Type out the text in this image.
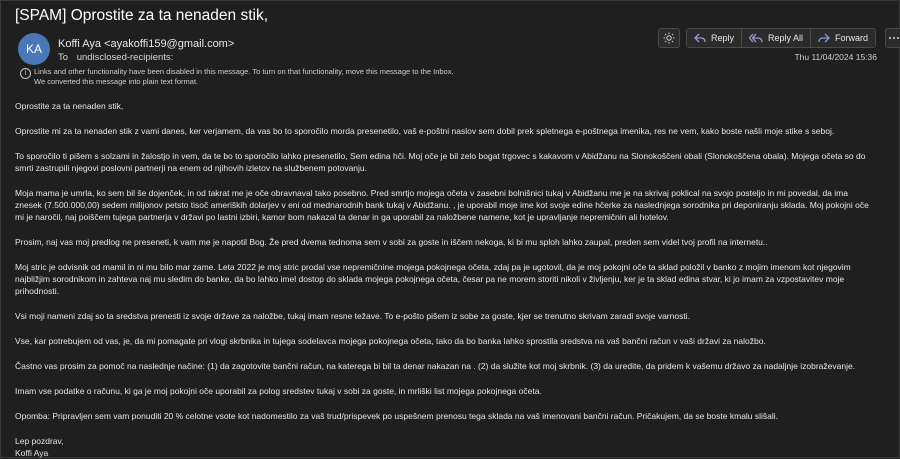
[SPAM] Oprostite za ta nenaden stik,
KA	Koffi Aya <ayakoffi159@gmail.com>
To undisclosed-recipients:
Reply	Reply All	Forward
Thu 11/04/2024 15:36
i	Links and other functionality have been disabled in this message. To turn on that functionality, move this message to the Inbox.
We converted this message into plain text format.

Oprostite za ta nenaden stik,

Oprostite mi za ta nenaden stik z vami danes, ker verjamem, da vas bo to sporočilo morda presenetilo, vaš e-poštni naslov sem dobil prek spletnega e-poštnega imenika, res ne vem, kako boste našli moje stike s seboj.

To sporočilo ti pišem s solzami in žalostjo in vem, da te bo to sporočilo lahko presenetilo, Sem edina hči. Moj oče je bil zelo bogat trgovec s kakavom v Abidžanu na Slonokoščeni obali (Slonokoščena obala). Mojega očeta so do smrti zastrupili njegovi poslovni partnerji na enem od njihovih izletov na službenem potovanju.

Moja mama je umrla, ko sem bil še dojenček, in od takrat me je oče obravnaval tako posebno. Pred smrtjo mojega očeta v zasebni bolnišnici tukaj v Abidžanu me je na skrivaj poklical na svojo posteljo in mi povedal, da ima znesek (7.500.000,00) sedem milijonov petsto tisoč ameriških dolarjev v eni od mednarodnih bank tukaj v Abidžanu. , je uporabil moje ime kot svoje edine hčerke za naslednjega sorodnika pri deponiranju sklada. Moj pokojni oče mi je naročil, naj poiščem tujega partnerja v državi po lastni izbiri, kamor bom nakazal ta denar in ga uporabil za naložbene namene, kot je upravljanje nepremičnin ali hotelov.

Prosim, naj vas moj predlog ne preseneti, k vam me je napotil Bog. Že pred dvema tednoma sem v sobi za goste in iščem nekoga, ki bi mu sploh lahko zaupal, preden sem videl tvoj profil na internetu..

Moj stric je odvisnik od mamil in ni mu bilo mar zame. Leta 2022 je moj stric prodal vse nepremičnine mojega pokojnega očeta, zdaj pa je ugotovil, da je moj pokojni oče ta sklad položil v banko z mojim imenom kot njegovim najbližjim sorodnikom in zahteva naj mu sledim do banke, da bo lahko imel dostop do sklada mojega pokojnega očeta, česar pa ne morem storiti nikoli v življenju, ker je ta sklad edina stvar, ki jo imam za vzpostavitev moje prihodnosti.

Vsi moji nameni zdaj so ta sredstva prenesti iz svoje države za naložbe, tukaj imam resne težave. To e-pošto pišem iz sobe za goste, kjer se trenutno skrivam zaradi svoje varnosti.

Vse, kar potrebujem od vas, je, da mi pomagate pri vlogi skrbnika in tujega sodelavca mojega pokojnega očeta, tako da bo banka lahko sprostila sredstva na vaš bančni račun v vaši državi za naložbo.

Častno vas prosim za pomoč na naslednje načine: (1) da zagotovite bančni račun, na katerega bi bil ta denar nakazan na . (2) da služite kot moj skrbnik. (3) da uredite, da pridem k vašemu državo za nadaljnje izobraževanje.

Imam vse podatke o računu, ki ga je moj pokojni oče uporabil za polog sredstev tukaj v sobi za goste, in mrliški list mojega pokojnega očeta.

Opomba: Pripravljen sem vam ponuditi 20 % celotne vsote kot nadomestilo za vaš trud/prispevek po uspešnem prenosu tega sklada na vaš imenovani bančni račun. Pričakujem, da se boste kmalu slišali.

Lep pozdrav,

Koffi Aya
